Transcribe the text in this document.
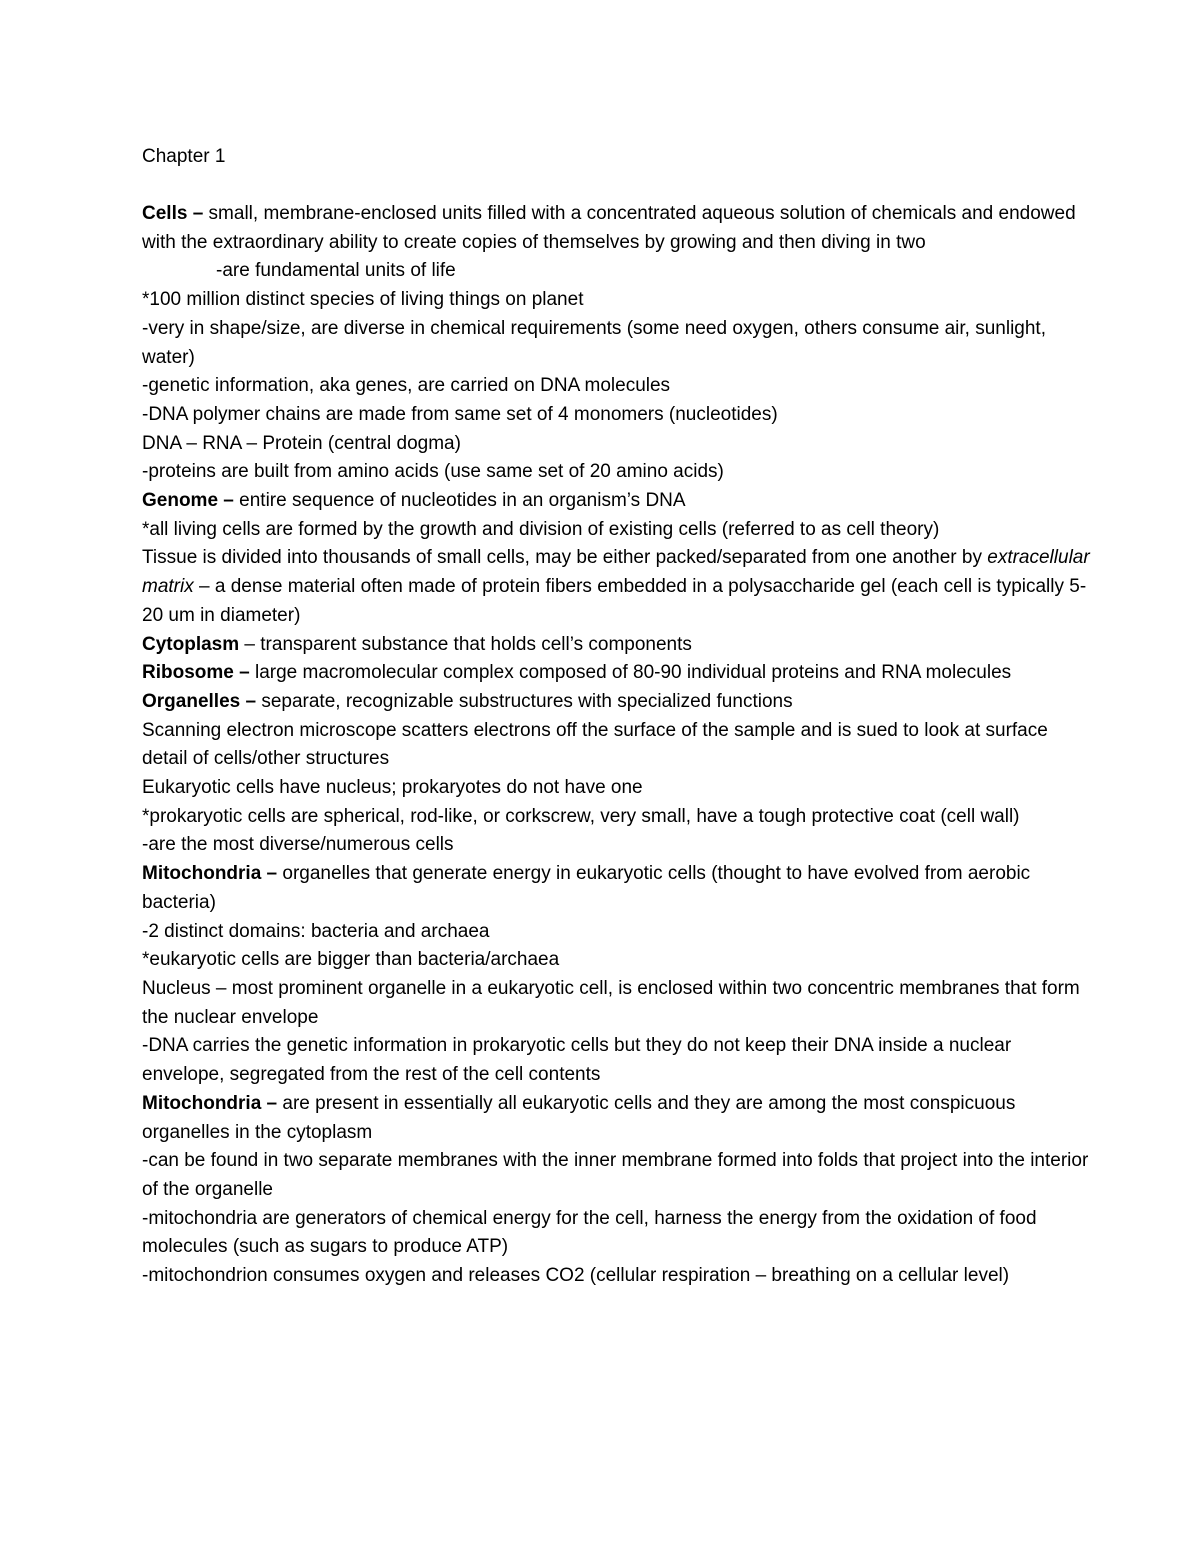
Chapter 1

Cells – small, membrane-enclosed units filled with a concentrated aqueous solution of chemicals and endowed with the extraordinary ability to create copies of themselves by growing and then diving in two

-are fundamental units of life

*100 million distinct species of living things on planet

-very in shape/size, are diverse in chemical requirements (some need oxygen, others consume air, sunlight, water)

-genetic information, aka genes, are carried on DNA molecules

-DNA polymer chains are made from same set of 4 monomers (nucleotides)

DNA – RNA – Protein (central dogma)

-proteins are built from amino acids (use same set of 20 amino acids)

Genome – entire sequence of nucleotides in an organism’s DNA

*all living cells are formed by the growth and division of existing cells (referred to as cell theory)

Tissue is divided into thousands of small cells, may be either packed/separated from one another by extracellular matrix – a dense material often made of protein fibers embedded in a polysaccharide gel (each cell is typically 5-20 um in diameter)

Cytoplasm – transparent substance that holds cell’s components

Ribosome – large macromolecular complex composed of 80-90 individual proteins and RNA molecules

Organelles – separate, recognizable substructures with specialized functions

Scanning electron microscope scatters electrons off the surface of the sample and is sued to look at surface detail of cells/other structures

Eukaryotic cells have nucleus; prokaryotes do not have one

*prokaryotic cells are spherical, rod-like, or corkscrew, very small, have a tough protective coat (cell wall)

-are the most diverse/numerous cells

Mitochondria – organelles that generate energy in eukaryotic cells (thought to have evolved from aerobic bacteria)

-2 distinct domains: bacteria and archaea

*eukaryotic cells are bigger than bacteria/archaea

Nucleus – most prominent organelle in a eukaryotic cell, is enclosed within two concentric membranes that form the nuclear envelope

-DNA carries the genetic information in prokaryotic cells but they do not keep their DNA inside a nuclear envelope, segregated from the rest of the cell contents

Mitochondria – are present in essentially all eukaryotic cells and they are among the most conspicuous organelles in the cytoplasm

-can be found in two separate membranes with the inner membrane formed into folds that project into the interior of the organelle

-mitochondria are generators of chemical energy for the cell, harness the energy from the oxidation of food molecules (such as sugars to produce ATP)

-mitochondrion consumes oxygen and releases CO2 (cellular respiration – breathing on a cellular level)
